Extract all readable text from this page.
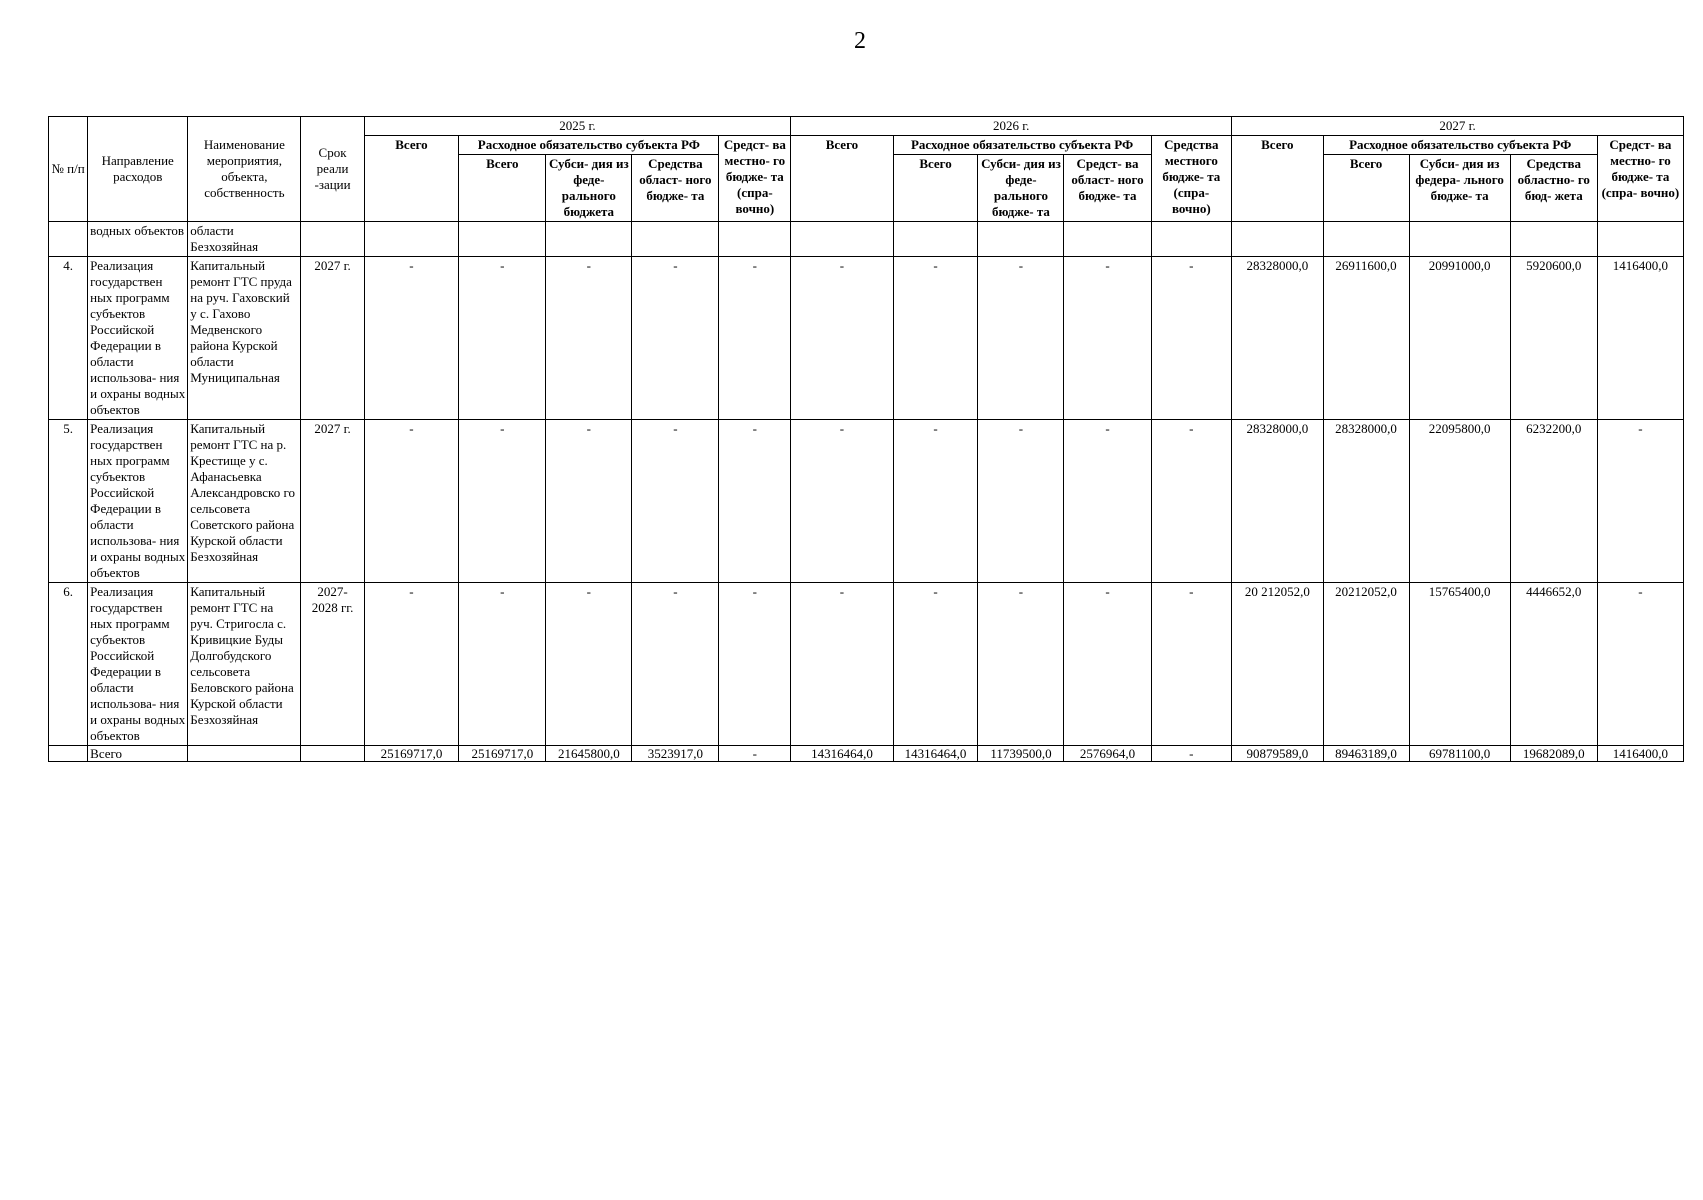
2
№ п/п	Направление расходов	Наименование мероприятия, объекта, собственность	Срок реали -зации	2025 г.					2026 г.					2027 г.				
				Всего	Расходное обязательство субъекта РФ			Средст- ва местно- го бюдже- та (спра- вочно)	Всего	Расходное обязательство субъекта РФ			Средства местного бюдже- та (спра- вочно)	Всего	Расходное обязательство субъекта РФ			Средст- ва местно- го бюдже- та (спра- вочно)
					Всего	Субси- дия из феде- рального бюджета	Средства област- ного бюдже- та			Всего	Субси- дия из феде- рального бюдже- та	Средст- ва област- ного бюдже- та			Всего	Субси- дия из федера- льного бюдже- та	Средства областно- го бюд- жета	
	водных объектов	области Безхозяйная																
4.	Реализация государствен ных программ субъектов Российской Федерации в области использова- ния и охраны водных объектов	Капитальный ремонт ГТС пруда на руч. Гаховский у с. Гахово Медвенского района Курской области Муниципальная	2027 г.	-	-	-	-	-	-	-	-	-	-	28328000,0	26911600,0	20991000,0	5920600,0	1416400,0
5.	Реализация государствен ных программ субъектов Российской Федерации в области использова- ния и охраны водных объектов	Капитальный ремонт ГТС на р. Крестище у с. Афанасьевка Александровско го сельсовета Советского района Курской области Безхозяйная	2027 г.	-	-	-	-	-	-	-	-	-	-	28328000,0	28328000,0	22095800,0	6232200,0	-
6.	Реализация государствен ных программ субъектов Российской Федерации в области использова- ния и охраны водных объектов	Капитальный ремонт ГТС на руч. Стригосла с. Кривицкие Буды Долгобудского сельсовета Беловского района Курской области Безхозяйная	2027- 2028 гг.	-	-	-	-	-	-	-	-	-	-	20 212052,0	20212052,0	15765400,0	4446652,0	-
	Всего			25169717,0	25169717,0	21645800,0	3523917,0	-	14316464,0	14316464,0	11739500,0	2576964,0	-	90879589,0	89463189,0	69781100,0	19682089,0	1416400,0
